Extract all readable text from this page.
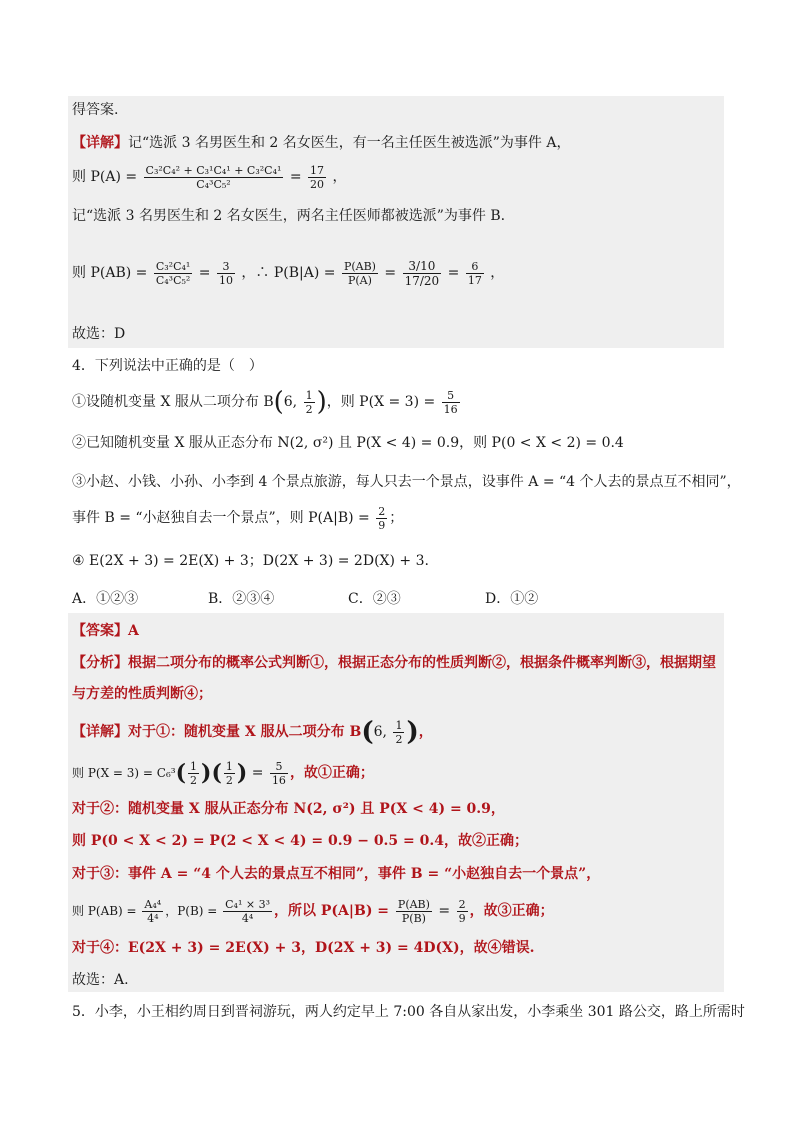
得答案.
【详解】记“选派 3 名男医生和 2 名女医生，有一名主任医生被选派”为事件 A，
则 $P(A) = \frac{\text{C₃²C₄² + C₃¹C₄¹ + C₃²C₄¹}}{\text{C₄³C₅²}} = \frac{17}{20}$ ，
记“选派 3 名男医生和 2 名女医生，两名主任医师都被选派”为事件 B.
则 $P(AB) = \frac{\text{C₃²C₄¹}}{\text{C₄³C₅²}} = \frac{3}{10}$ ，∴ $P(B|A) = \frac{P(AB)}{P(A)} = \frac{3/10}{17/20} = \frac{6}{17}$ ，
故选：D
4．下列说法中正确的是（　）
①设随机变量 X 服从二项分布 B(6, $\frac{1}{2}$ )，则 $P(X = 3) = \frac{5}{16}$
②已知随机变量 X 服从正态分布 N(2, σ²) 且 P(X < 4) = 0.9，则 P(0 < X < 2) = 0.4
③小赵、小钱、小孙、小李到 4 个景点旅游，每人只去一个景点，设事件 A = “4 个人去的景点互不相同”，
事件 B = “小赵独自去一个景点”，则 $P(A|B) = \frac{2}{9}$ ；
④ E(2X + 3) = 2E(X) + 3；D(2X + 3) = 2D(X) + 3.
A．①②③	B．②③④	C．②③	D．①②
【答案】A
【分析】根据二项分布的概率公式判断①，根据正态分布的性质判断②，根据条件概率判断③，根据期望
与方差的性质判断④；
【详解】对于①：随机变量 X 服从二项分布 B(6, $\frac{1}{2}$ )，
则 $P(X = 3) = C_6^3( \frac{1}{2}$ )( $\frac{1}{2}$ ) = $\frac{5}{16}$ ，故①正确；
对于②：随机变量 X 服从正态分布 N(2, σ²) 且 P(X < 4) = 0.9，
则 P(0 < X < 2) = P(2 < X < 4) = 0.9 − 0.5 = 0.4，故②正确；
对于③：事件 A = “4 个人去的景点互不相同”，事件 B = “小赵独自去一个景点”，
则 $P(AB) = \frac{\text{A₄⁴}}{\text{4⁴}}$ ，$P(B) = \frac{\text{C₄¹ × 3³}}{\text{4⁴}}$ ，所以 $P(A|B) = \frac{P(AB)}{P(B)} = \frac{2}{9}$ ，故③正确；
对于④：E(2X + 3) = 2E(X) + 3，D(2X + 3) = 4D(X)，故④错误.
故选：A.
5．小李，小王相约周日到晋祠游玩，两人约定早上 7:00 各自从家出发，小李乘坐 301 路公交，路上所需时
